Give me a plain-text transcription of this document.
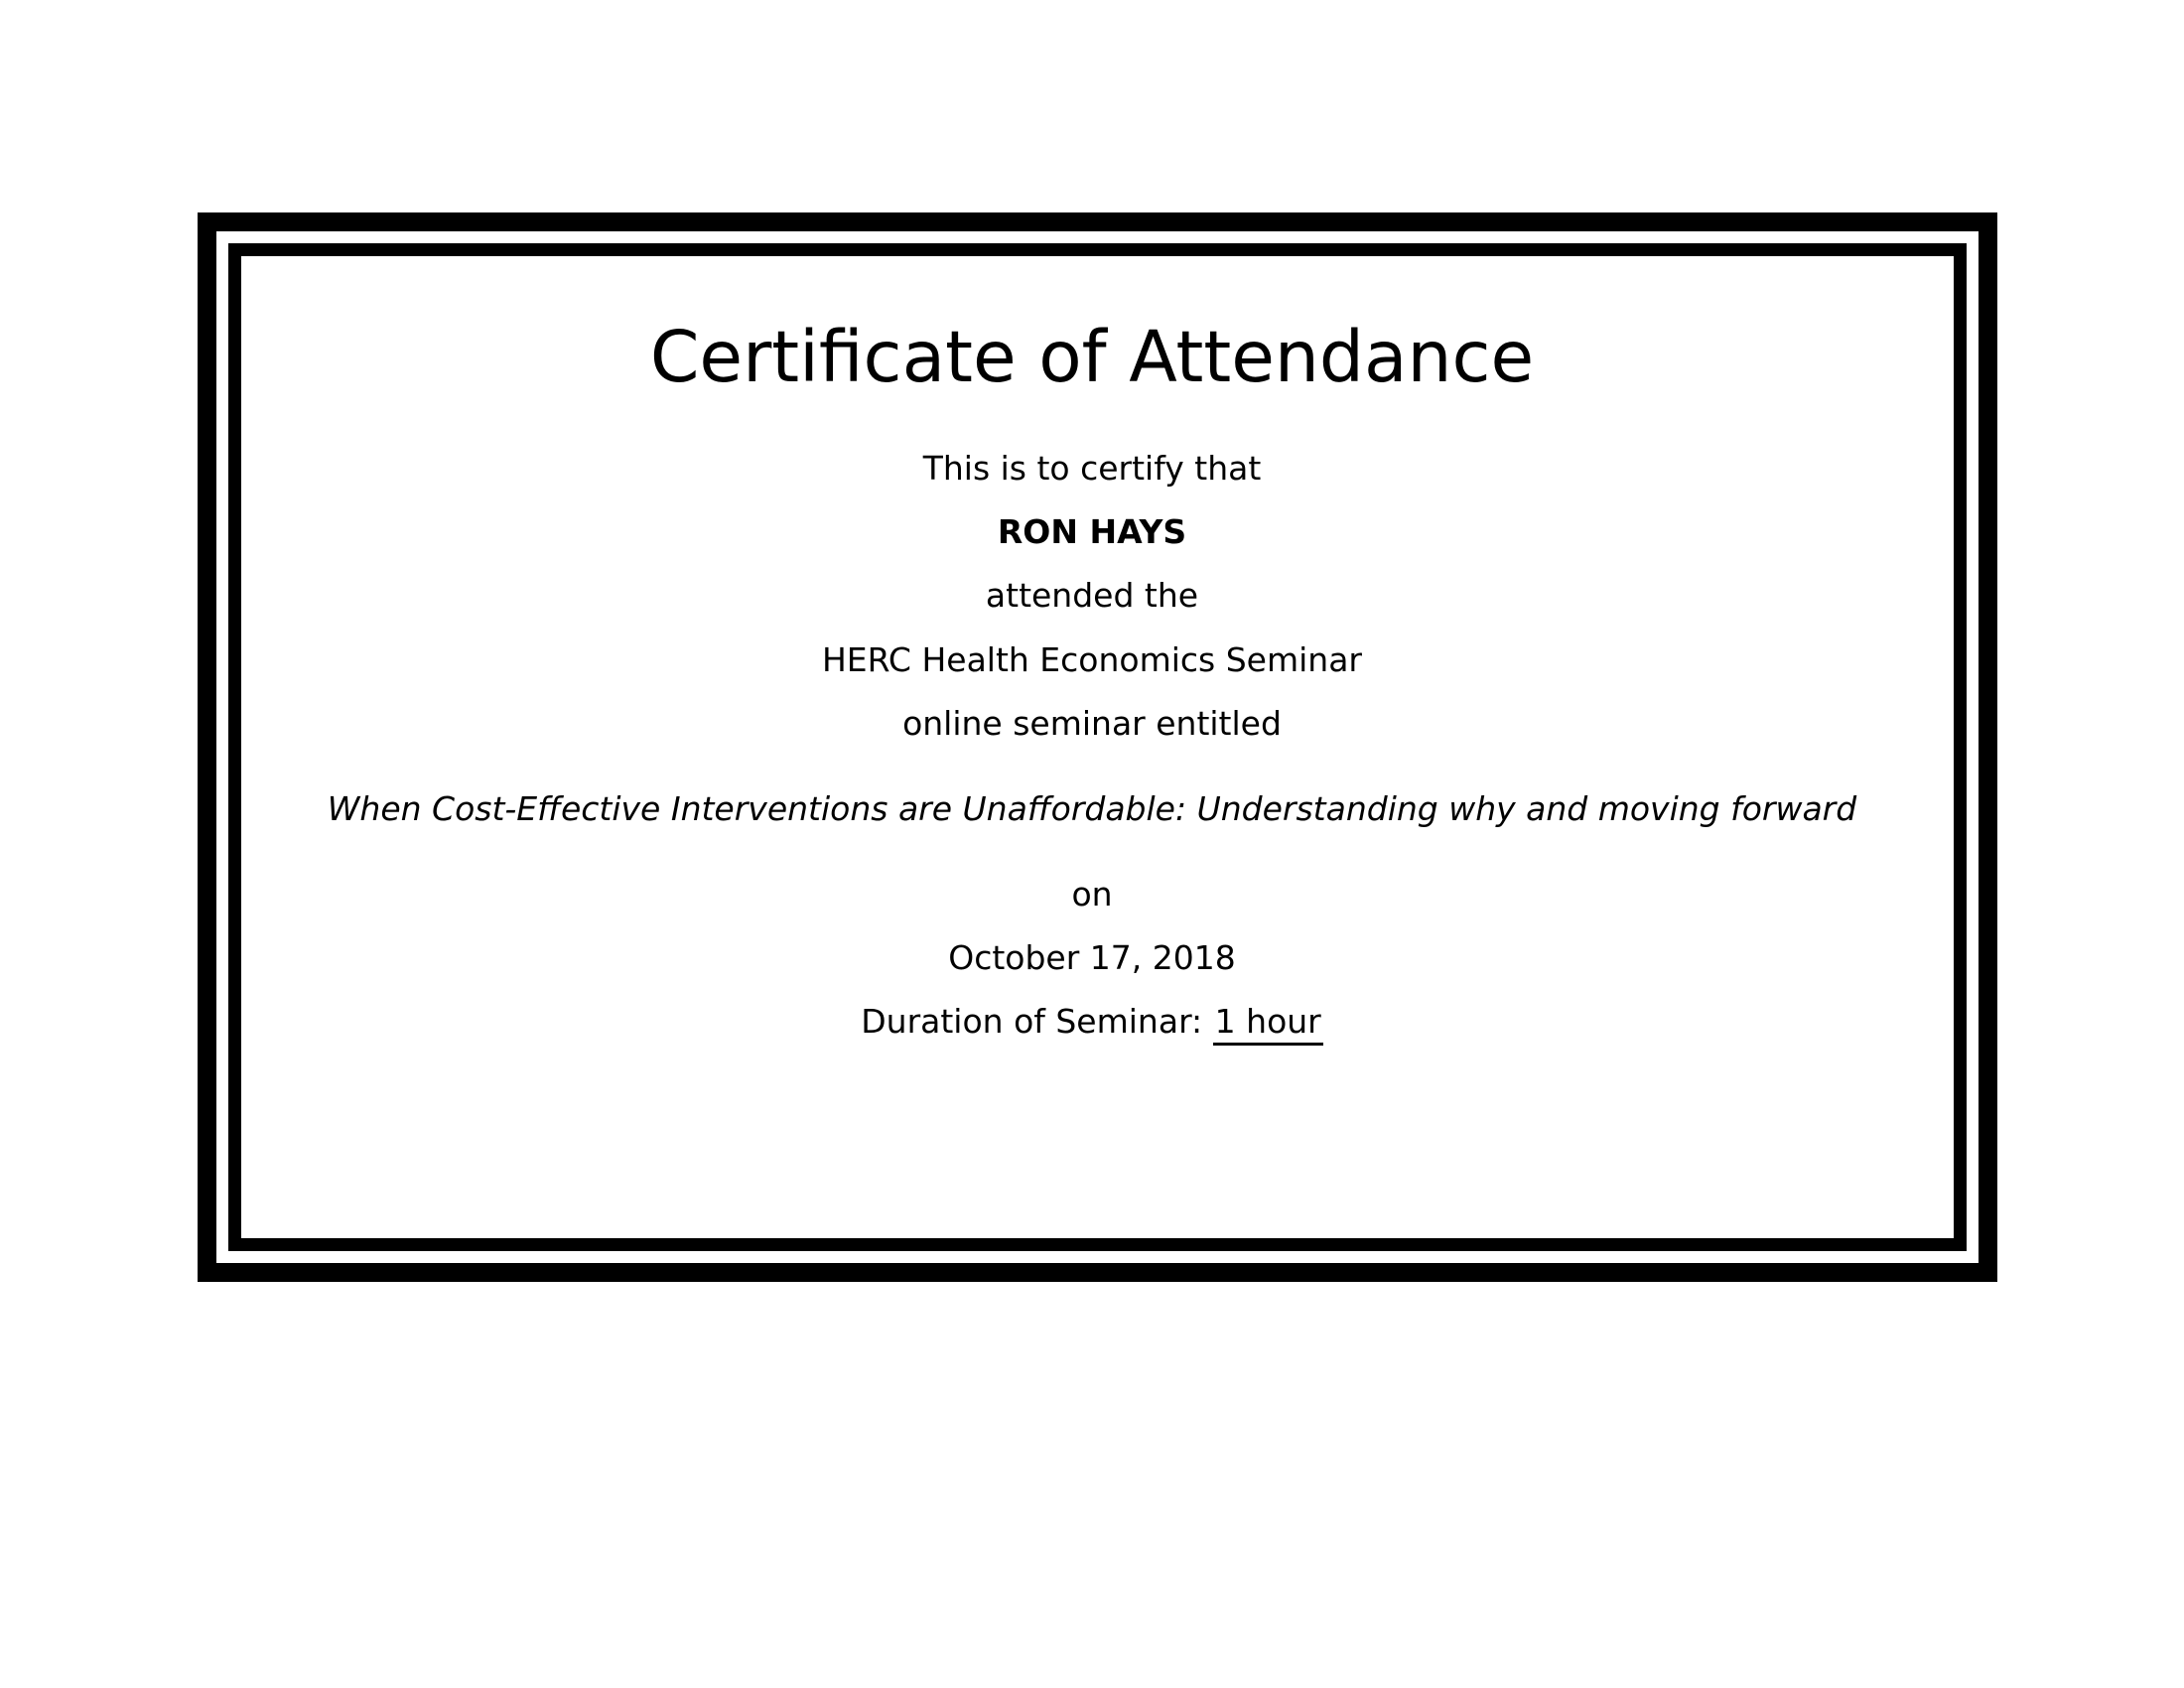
Certificate of Attendance
This is to certify that
RON HAYS
attended the
HERC Health Economics Seminar
online seminar entitled
When Cost-Effective Interventions are Unaffordable: Understanding why and moving forward
on
October 17, 2018
Duration of Seminar: 1 hour
